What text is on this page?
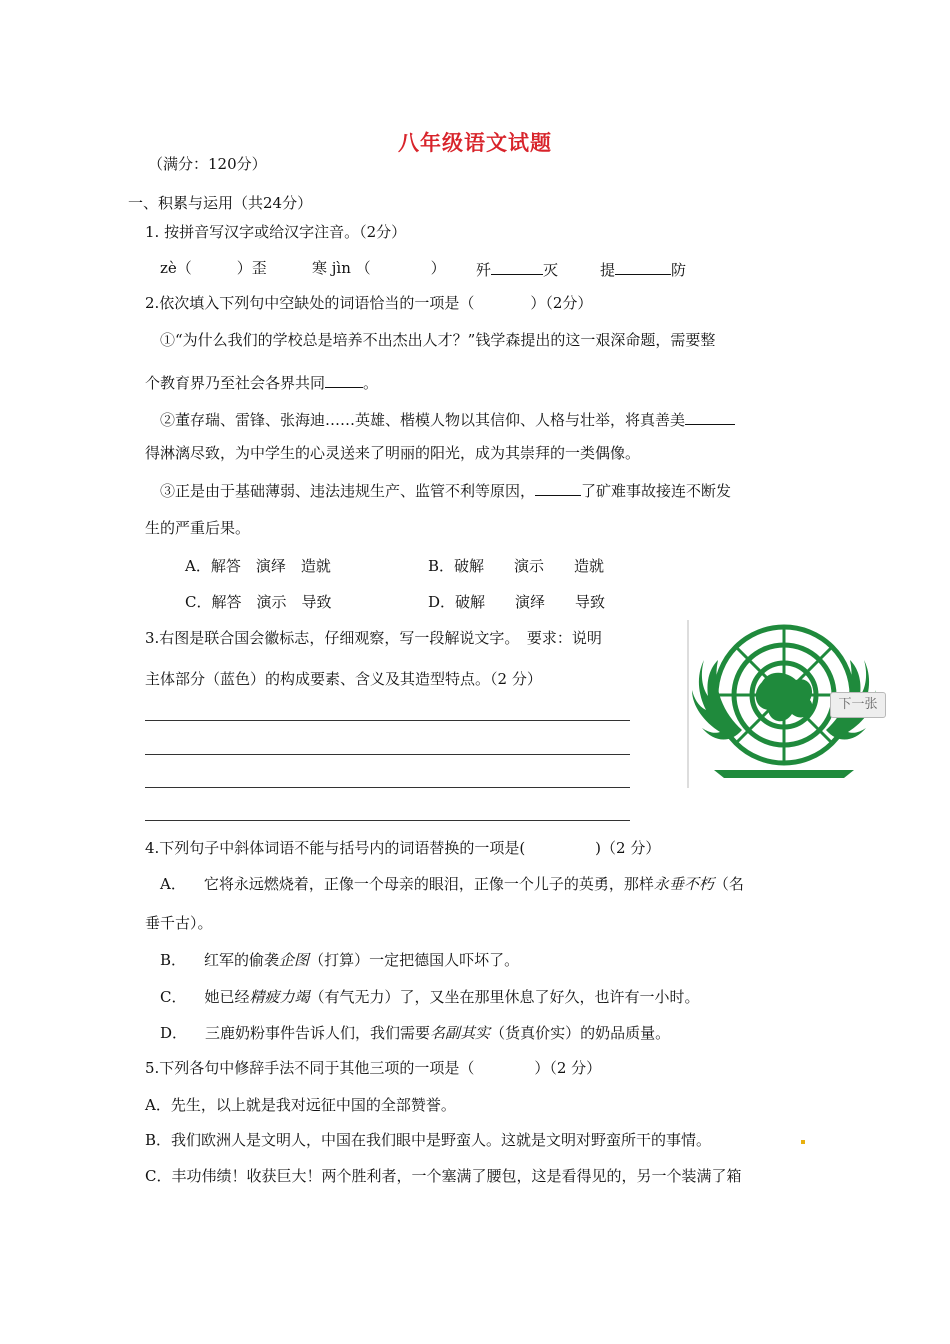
八年级语文试题
（满分：120分）
一、积累与运用（共24分）
1. 按拼音写汉字或给汉字注音。（2分）
zè（	）歪	寒 jìn （	） 歼	灭	提	防
2.依次填入下列句中空缺处的词语恰当的一项是（	）（2分）
①“为什么我们的学校总是培养不出杰出人才？”钱学森提出的这一艰深命题，需要整
个教育界乃至社会各界共同	。
②董存瑞、雷锋、张海迪……英雄、楷模人物以其信仰、人格与壮举，将真善美
得淋漓尽致，为中学生的心灵送来了明丽的阳光，成为其崇拜的一类偶像。
③正是由于基础薄弱、违法违规生产、监管不利等原因，	了矿难事故接连不断发
生的严重后果。
A．解答　演绎　造就	B．破解　　演示　　造就
C．解答　演示　导致	D．破解　　演绎　　导致
3.右图是联合国会徽标志，仔细观察，写一段解说文字。　要求：说明
主体部分（蓝色）的构成要素、含义及其造型特点。（2 分）
下一张
4.下列句子中斜体词语不能与括号内的词语替换的一项是(	)（2 分）
A． 它将永远燃烧着，正像一个母亲的眼泪，正像一个儿子的英勇，那样永垂不朽（名
垂千古）。
B． 红军的偷袭企图（打算）一定把德国人吓坏了。
C． 她已经精疲力竭（有气无力）了，又坐在那里休息了好久，也许有一小时。
D． 三鹿奶粉事件告诉人们，我们需要名副其实（货真价实）的奶品质量。
5.下列各句中修辞手法不同于其他三项的一项是（	）（2 分）
A．先生，以上就是我对远征中国的全部赞誉。
B．我们欧洲人是文明人，中国在我们眼中是野蛮人。这就是文明对野蛮所干的事情。
C．丰功伟绩！收获巨大！两个胜利者，一个塞满了腰包，这是看得见的，另一个装满了箱
